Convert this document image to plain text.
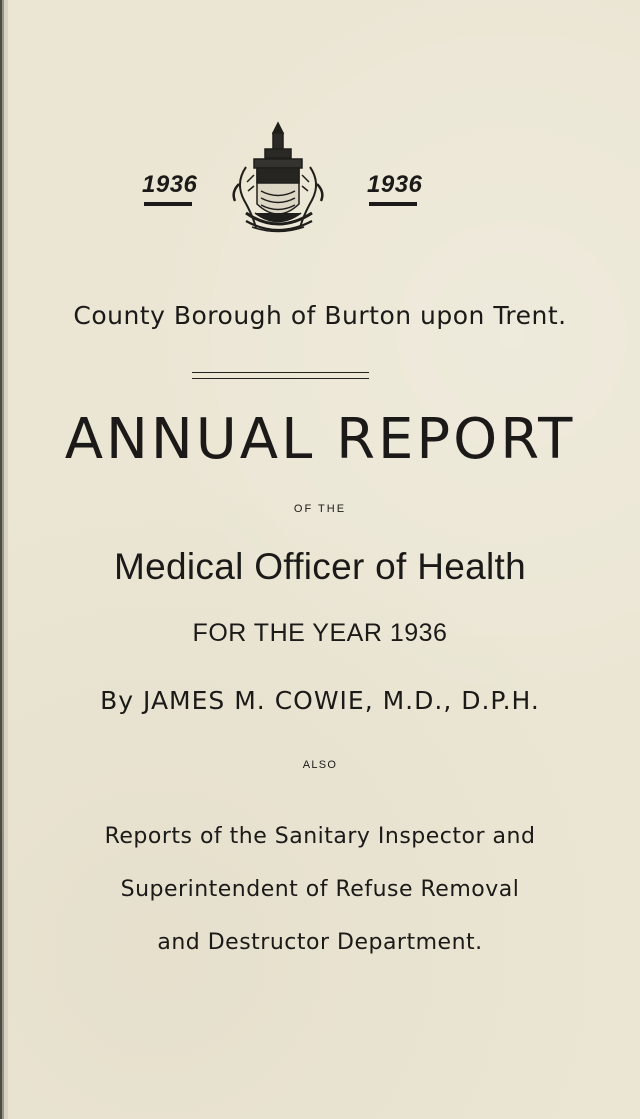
1936	1936
County Borough of Burton upon Trent.
ANNUAL REPORT
OF THE
Medical Officer of Health
FOR THE YEAR 1936
By JAMES M. COWIE, M.D., D.P.H.
ALSO
Reports of the Sanitary Inspector and
Superintendent of Refuse Removal
and Destructor Department.
